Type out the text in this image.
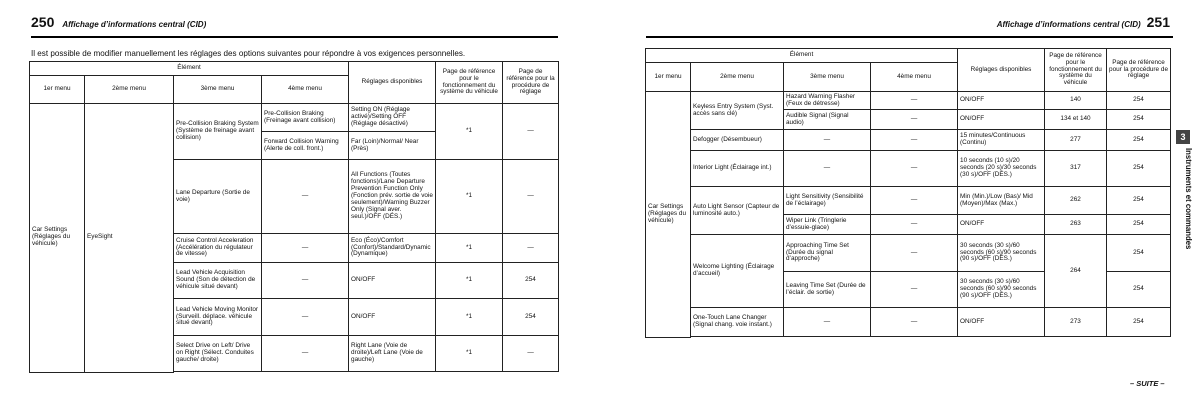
250 Affichage d’informations central (CID)
Il est possible de modifier manuellement les réglages des options suivantes pour répondre à vos exigences personnelles.
Élément				Réglages disponibles	Page de référence pour le fonctionnement du système du véhicule	Page de référence pour la procédure de réglage
1er menu	2ème menu	3ème menu	4ème menu			
Car Settings (Réglages du véhicule)	EyeSight	Pre-Collision Braking System (Système de freinage avant collision)	Pre-Collision Braking (Freinage avant collision)	Setting ON (Réglage activé)/Setting OFF (Réglage désactivé)	*1	—
			Forward Collision Warning (Alerte de coll. front.)	Far (Loin)/Normal/ Near (Près)		
		Lane Departure (Sortie de voie)	—	All Functions (Toutes fonctions)/Lane Departure Prevention Function Only (Fonction prév. sortie de voie seulement)/Warning Buzzer Only (Signal aver. seul.)/OFF (DÉS.)	*1	—
		Cruise Control Acceleration (Accélération du régulateur de vitesse)	—	Eco (Éco)/Comfort (Confort)/Standard/Dynamic (Dynamique)	*1	—
		Lead Vehicle Acquisition Sound (Son de détection de véhicule situé devant)	—	ON/OFF	*1	254
		Lead Vehicle Moving Monitor (Surveill. déplace. véhicule situé devant)	—	ON/OFF	*1	254
		Select Drive on Left/ Drive on Right (Sélect. Conduites gauche/ droite)	—	Right Lane (Voie de droite)/Left Lane (Voie de gauche)	*1	—

Affichage d’informations central (CID) 251
Élément				Réglages disponibles	Page de référence pour le fonctionnement du système du véhicule	Page de référence pour la procédure de réglage
1er menu	2ème menu	3ème menu	4ème menu			
Car Settings (Réglages du véhicule)	Keyless Entry System (Syst. accès sans clé)	Hazard Warning Flasher (Feux de détresse)	—	ON/OFF	140	254
		Audible Signal (Signal audio)	—	ON/OFF	134 et 140	254
	Defogger (Désembueur)	—	—	15 minutes/Continuous (Continu)	277	254
	Interior Light (Éclairage int.)	—	—	10 seconds (10 s)/20 seconds (20 s)/30 seconds (30 s)/OFF (DÉS.)	317	254
	Auto Light Sensor (Capteur de luminosité auto.)	Light Sensitivity (Sensibilité de l’éclairage)	—	Min (Min.)/Low (Bas)/ Mid (Moyen)/Max (Max.)	262	254
		Wiper Link (Tringlerie d’essuie-glace)	—	ON/OFF	263	254
	Welcome Lighting (Éclairage d’accueil)	Approaching Time Set (Durée du signal d’approche)	—	30 seconds (30 s)/60 seconds (60 s)/90 seconds (90 s)/OFF (DÉS.)	264	254
		Leaving Time Set (Durée de l’éclair. de sortie)	—	30 seconds (30 s)/60 seconds (60 s)/90 seconds (90 s)/OFF (DÉS.)		254
	One-Touch Lane Changer (Signal chang. voie instant.)	—	—	ON/OFF	273	254

3
Instruments et commandes
– SUITE –
